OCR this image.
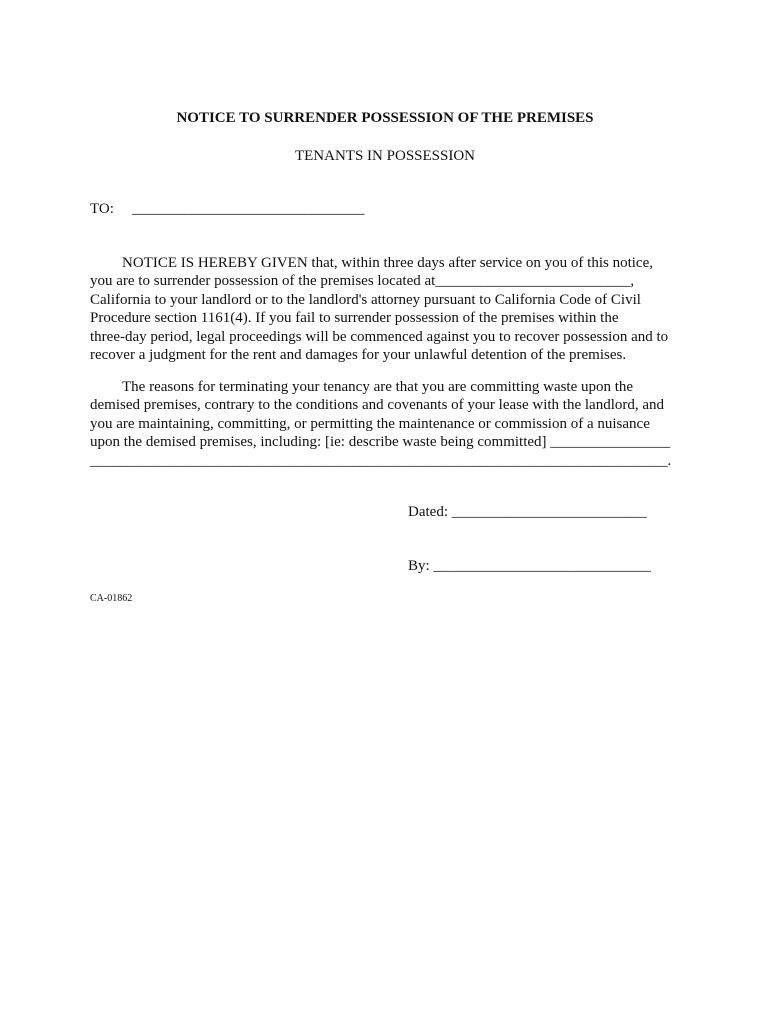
NOTICE TO SURRENDER POSSESSION OF THE PREMISES
TENANTS IN POSSESSION
TO: _______________________________
NOTICE IS HEREBY GIVEN that, within three days after service on you of this notice,
you are to surrender possession of the premises located at__________________________,
California to your landlord or to the landlord's attorney pursuant to California Code of Civil
Procedure section 1161(4). If you fail to surrender possession of the premises within the
three-day period, legal proceedings will be commenced against you to recover possession and to
recover a judgment for the rent and damages for your unlawful detention of the premises.
The reasons for terminating your tenancy are that you are committing waste upon the
demised premises, contrary to the conditions and covenants of your lease with the landlord, and
you are maintaining, committing, or permitting the maintenance or commission of a nuisance
upon the demised premises, including: [ie: describe waste being committed] ________________
_____________________________________________________________________________.
Dated: __________________________
By: _____________________________
CA-01862
